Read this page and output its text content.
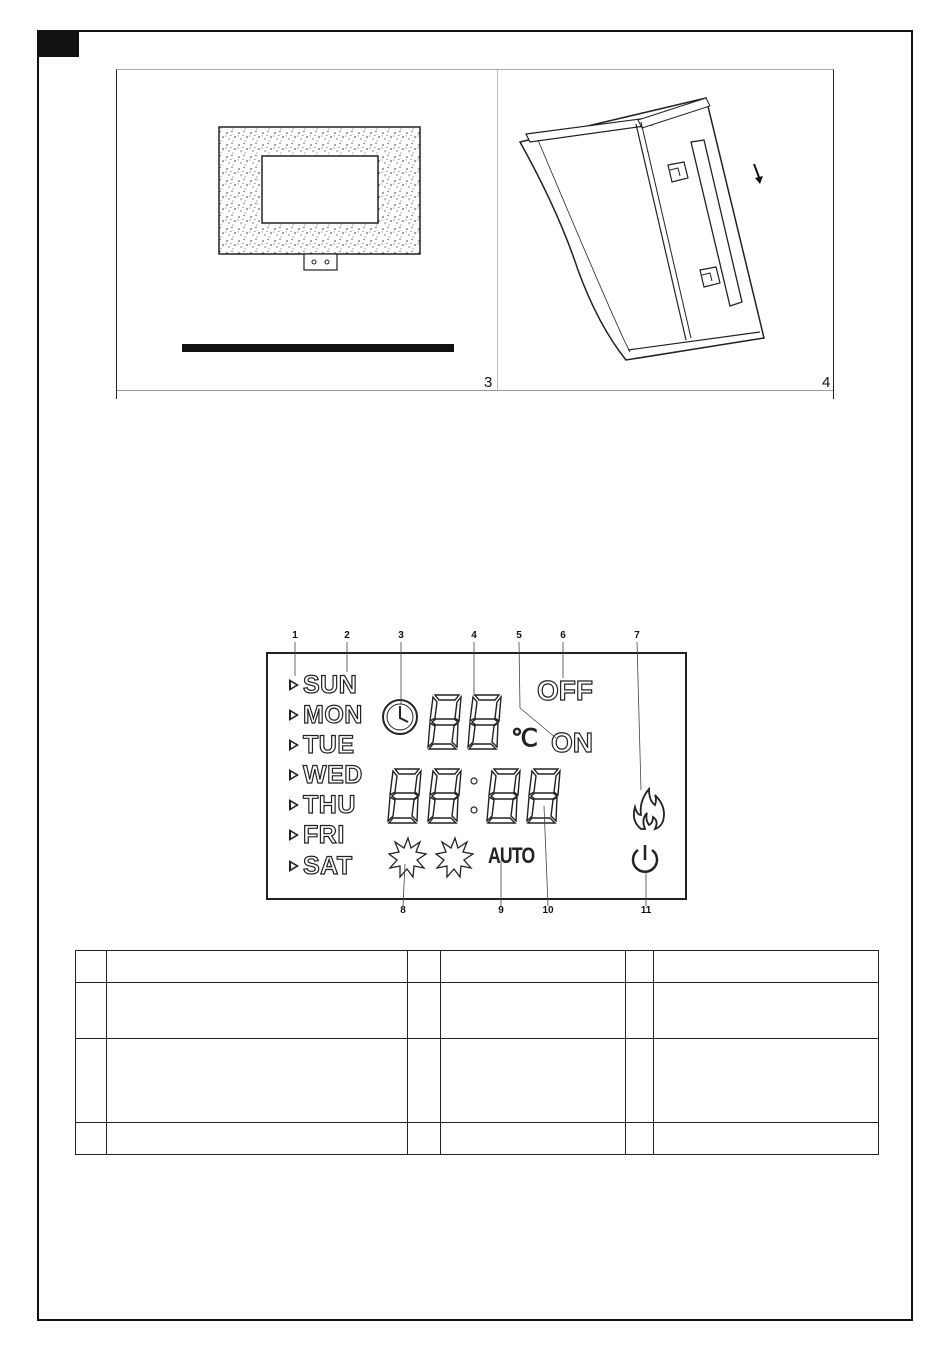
3	4
1	2	3	4	5	6	7
SUN
MON
TUE
WED
THU
FRI
SAT
℃
OFF
ON
AUTO
8	9	10	11
